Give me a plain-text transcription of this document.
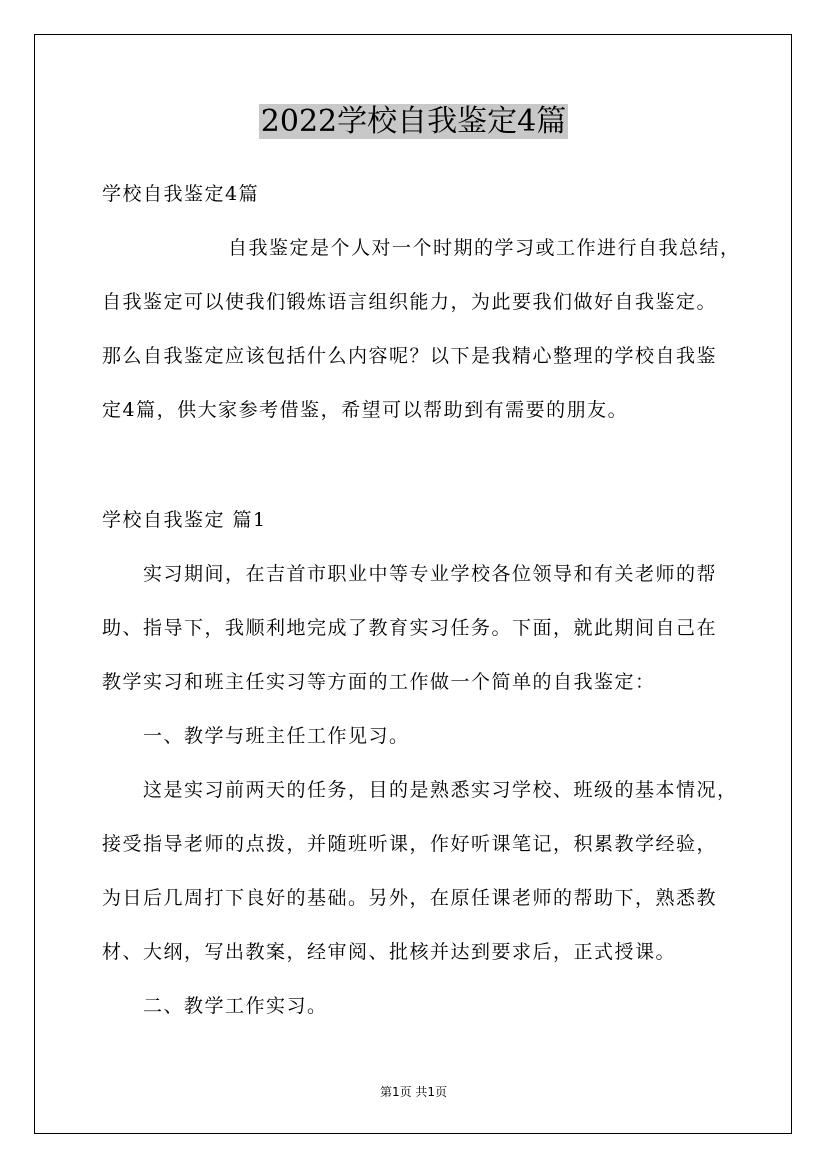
2022学校自我鉴定4篇
学校自我鉴定4篇
自我鉴定是个人对一个时期的学习或工作进行自我总结，
自我鉴定可以使我们锻炼语言组织能力，为此要我们做好自我鉴定。
那么自我鉴定应该包括什么内容呢？以下是我精心整理的学校自我鉴
定4篇，供大家参考借鉴，希望可以帮助到有需要的朋友。
学校自我鉴定 篇1
实习期间，在吉首市职业中等专业学校各位领导和有关老师的帮
助、指导下，我顺利地完成了教育实习任务。下面，就此期间自己在
教学实习和班主任实习等方面的工作做一个简单的自我鉴定：
一、教学与班主任工作见习。
这是实习前两天的任务，目的是熟悉实习学校、班级的基本情况，
接受指导老师的点拨，并随班听课，作好听课笔记，积累教学经验，
为日后几周打下良好的基础。另外，在原任课老师的帮助下，熟悉教
材、大纲，写出教案，经审阅、批核并达到要求后，正式授课。
二、教学工作实习。
第1页 共1页
